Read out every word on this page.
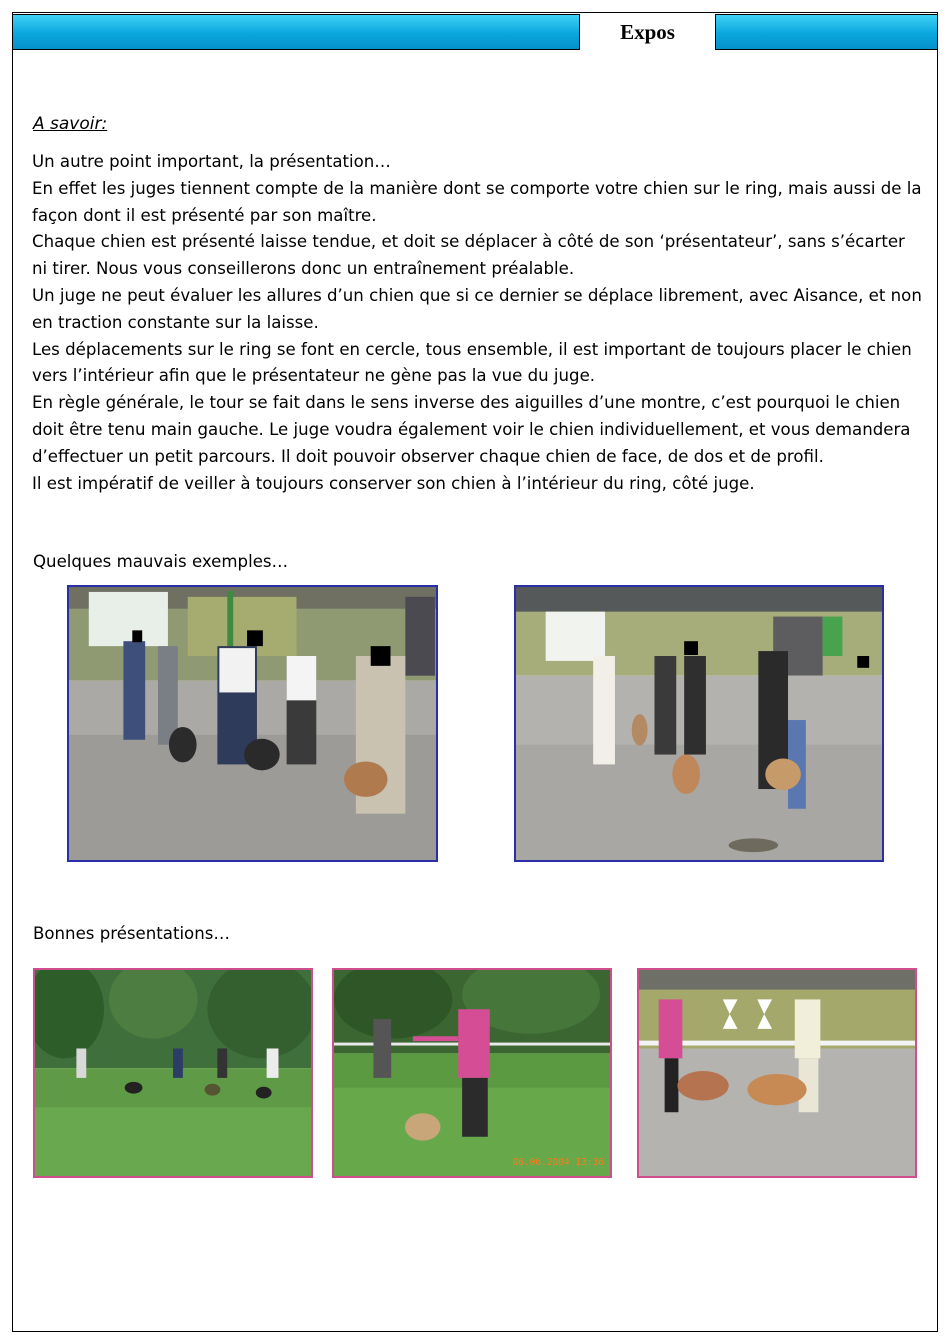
Expos
A savoir:

Un autre point important, la présentation…

En effet les juges tiennent compte de la manière dont se comporte votre chien sur le ring, mais aussi de la façon dont il est présenté par son maître.

Chaque chien est présenté laisse tendue, et doit se déplacer à côté de son ‘présentateur’, sans s’écarter ni tirer. Nous vous conseillerons donc un entraînement préalable.

Un juge ne peut évaluer les allures d’un chien que si ce dernier se déplace librement, avec Aisance, et non en traction constante sur la laisse.

Les déplacements sur le ring se font en cercle, tous ensemble, il est important de toujours placer le chien vers l’intérieur afin que le présentateur ne gène pas la vue du juge.

En règle générale, le tour se fait dans le sens inverse des aiguilles d’une montre, c’est pourquoi le chien doit être tenu main gauche. Le juge voudra également voir le chien individuellement, et vous demandera d’effectuer un petit parcours. Il doit pouvoir observer chaque chien de face, de dos et de profil.

Il est impératif de veiller à toujours conserver son chien à l’intérieur du ring, côté juge.

Quelques mauvais exemples…
Bonnes présentations…
06.06.2004 13:36
